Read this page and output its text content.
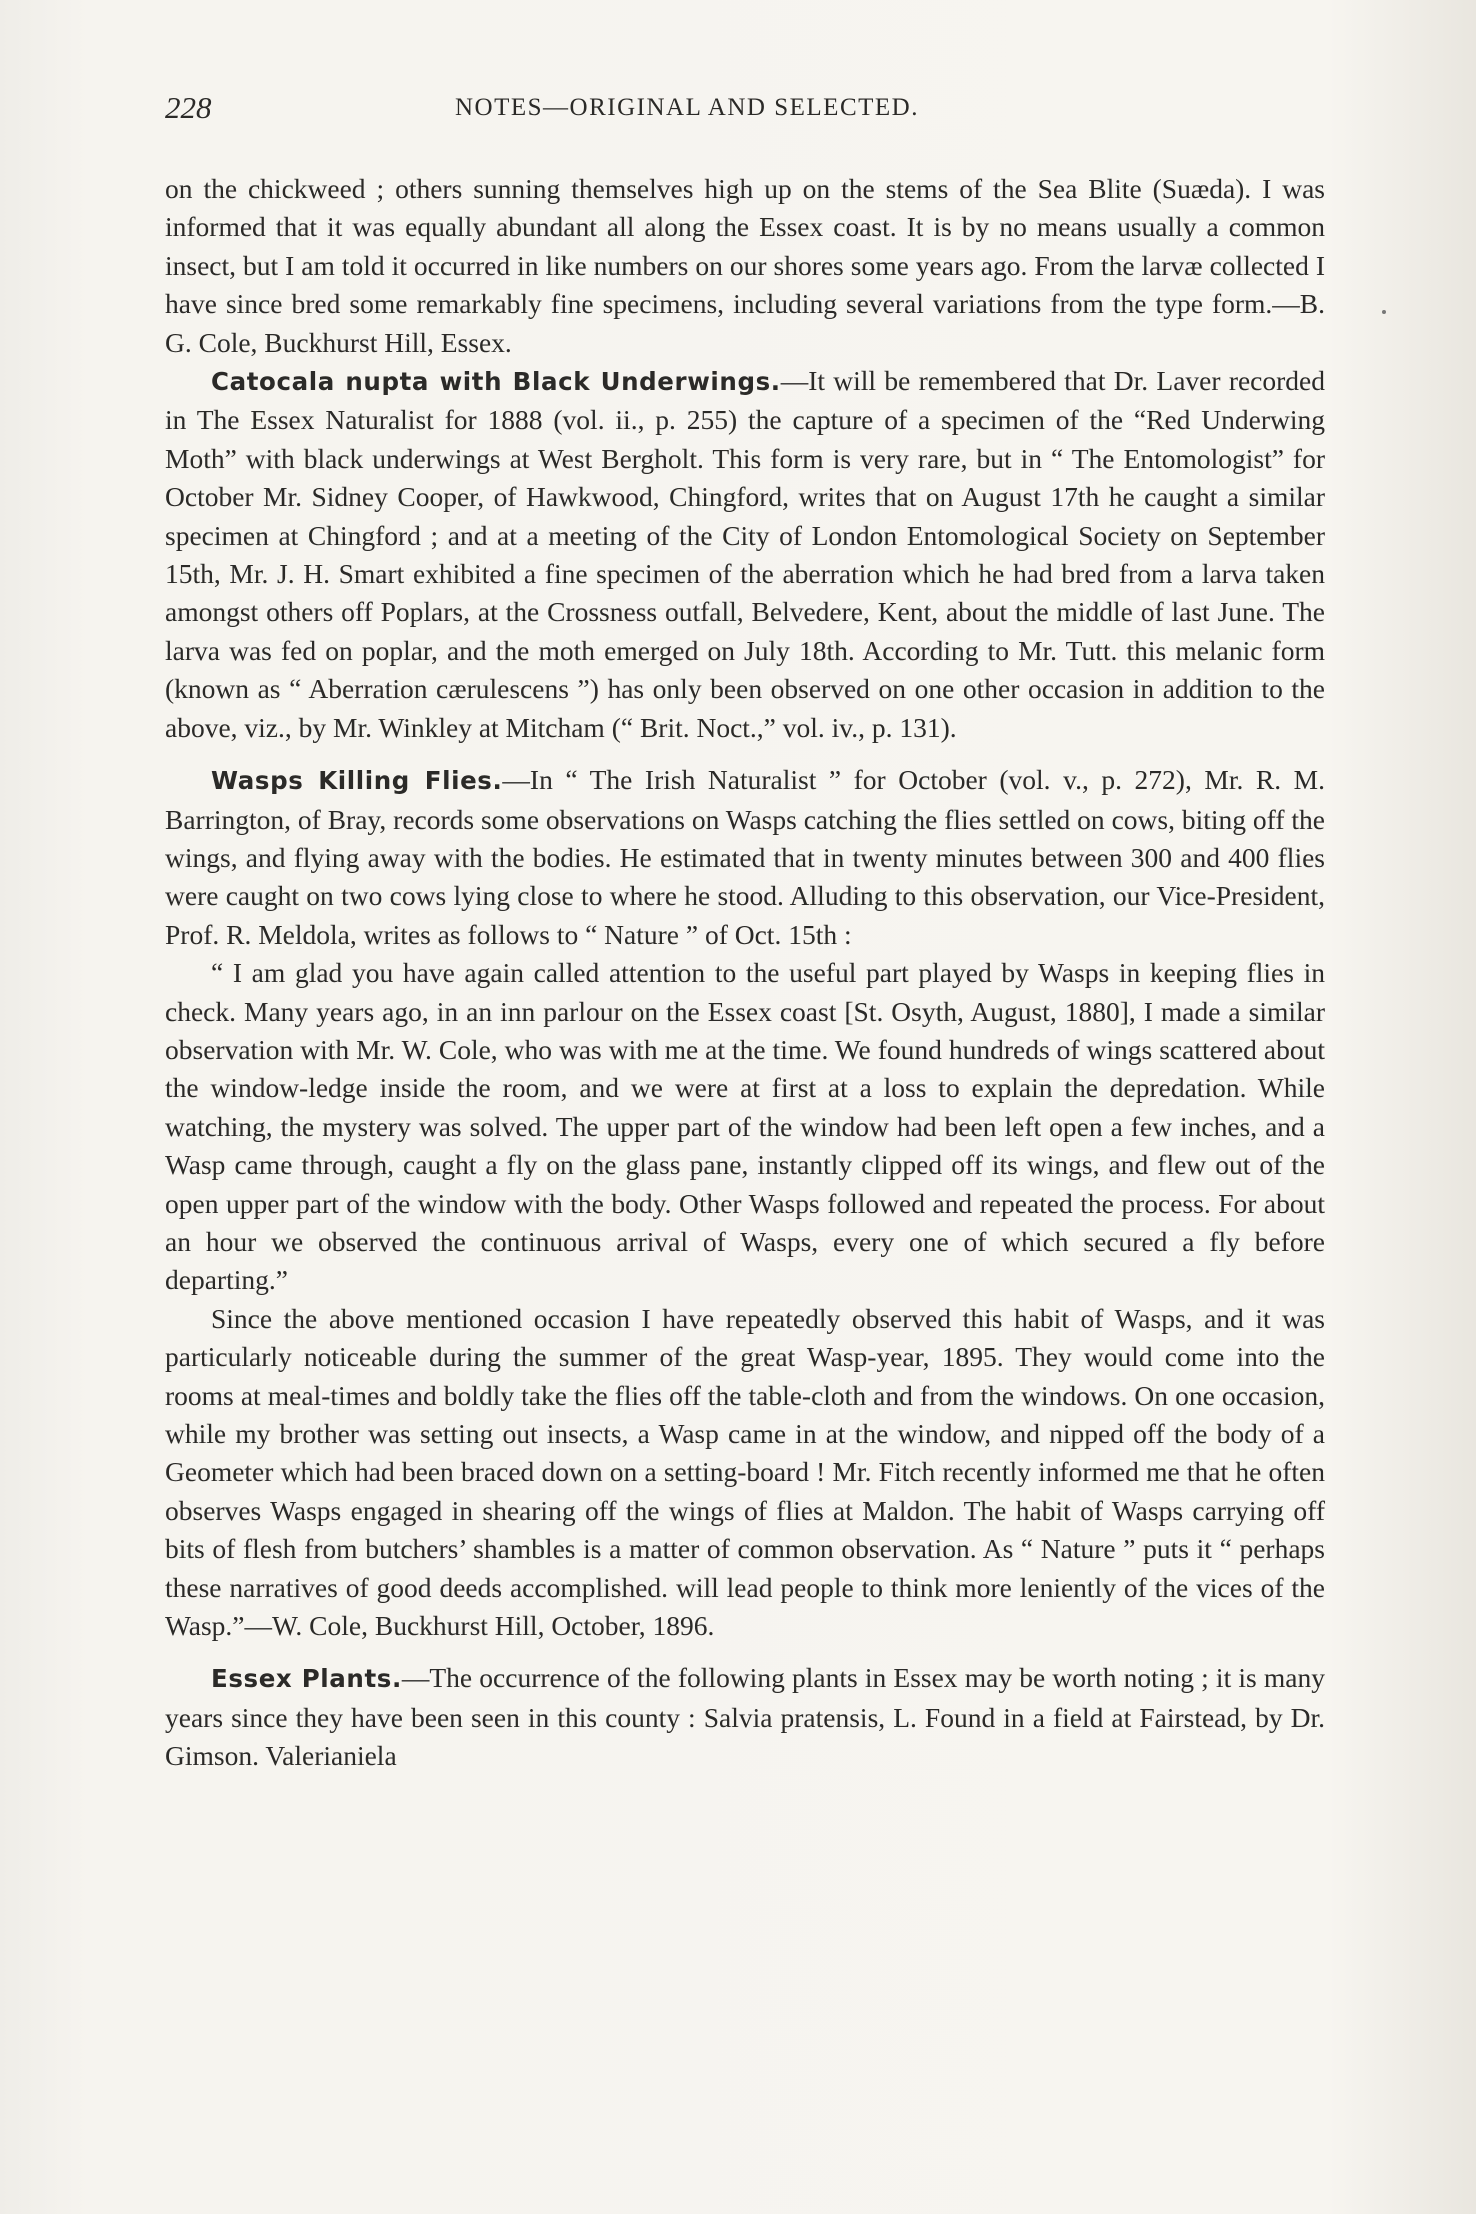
228	NOTES—ORIGINAL AND SELECTED.

on the chickweed ; others sunning themselves high up on the stems of the Sea Blite (Suæda). I was informed that it was equally abundant all along the Essex coast. It is by no means usually a common insect, but I am told it occurred in like numbers on our shores some years ago. From the larvæ collected I have since bred some remarkably fine specimens, including several variations from the type form.—B. G. Cole, Buckhurst Hill, Essex.

Catocala nupta with Black Underwings.—It will be remembered that Dr. Laver recorded in The Essex Naturalist for 1888 (vol. ii., p. 255) the capture of a specimen of the “Red Underwing Moth” with black underwings at West Bergholt. This form is very rare, but in “ The Entomologist” for October Mr. Sidney Cooper, of Hawkwood, Chingford, writes that on August 17th he caught a similar specimen at Chingford ; and at a meeting of the City of London Entomological Society on September 15th, Mr. J. H. Smart exhibited a fine specimen of the aberration which he had bred from a larva taken amongst others off Poplars, at the Crossness outfall, Belvedere, Kent, about the middle of last June. The larva was fed on poplar, and the moth emerged on July 18th. According to Mr. Tutt. this melanic form (known as “ Aberration cærulescens ”) has only been observed on one other occasion in addition to the above, viz., by Mr. Winkley at Mitcham (“ Brit. Noct.,” vol. iv., p. 131).

Wasps Killing Flies.—In “ The Irish Naturalist ” for October (vol. v., p. 272), Mr. R. M. Barrington, of Bray, records some observations on Wasps catching the flies settled on cows, biting off the wings, and flying away with the bodies. He estimated that in twenty minutes between 300 and 400 flies were caught on two cows lying close to where he stood. Alluding to this observation, our Vice-President, Prof. R. Meldola, writes as follows to “ Nature ” of Oct. 15th :

“ I am glad you have again called attention to the useful part played by Wasps in keeping flies in check. Many years ago, in an inn parlour on the Essex coast [St. Osyth, August, 1880], I made a similar observation with Mr. W. Cole, who was with me at the time. We found hundreds of wings scattered about the window-ledge inside the room, and we were at first at a loss to explain the depredation. While watching, the mystery was solved. The upper part of the window had been left open a few inches, and a Wasp came through, caught a fly on the glass pane, instantly clipped off its wings, and flew out of the open upper part of the window with the body. Other Wasps followed and repeated the process. For about an hour we observed the continuous arrival of Wasps, every one of which secured a fly before departing.”

Since the above mentioned occasion I have repeatedly observed this habit of Wasps, and it was particularly noticeable during the summer of the great Wasp-year, 1895. They would come into the rooms at meal-times and boldly take the flies off the table-cloth and from the windows. On one occasion, while my brother was setting out insects, a Wasp came in at the window, and nipped off the body of a Geometer which had been braced down on a setting-board ! Mr. Fitch recently informed me that he often observes Wasps engaged in shearing off the wings of flies at Maldon. The habit of Wasps carrying off bits of flesh from butchers’ shambles is a matter of common observation. As “ Nature ” puts it “ perhaps these narratives of good deeds accomplished. will lead people to think more leniently of the vices of the Wasp.”—W. Cole, Buckhurst Hill, October, 1896.

Essex Plants.—The occurrence of the following plants in Essex may be worth noting ; it is many years since they have been seen in this county : Salvia pratensis, L. Found in a field at Fairstead, by Dr. Gimson. Valerianiela
